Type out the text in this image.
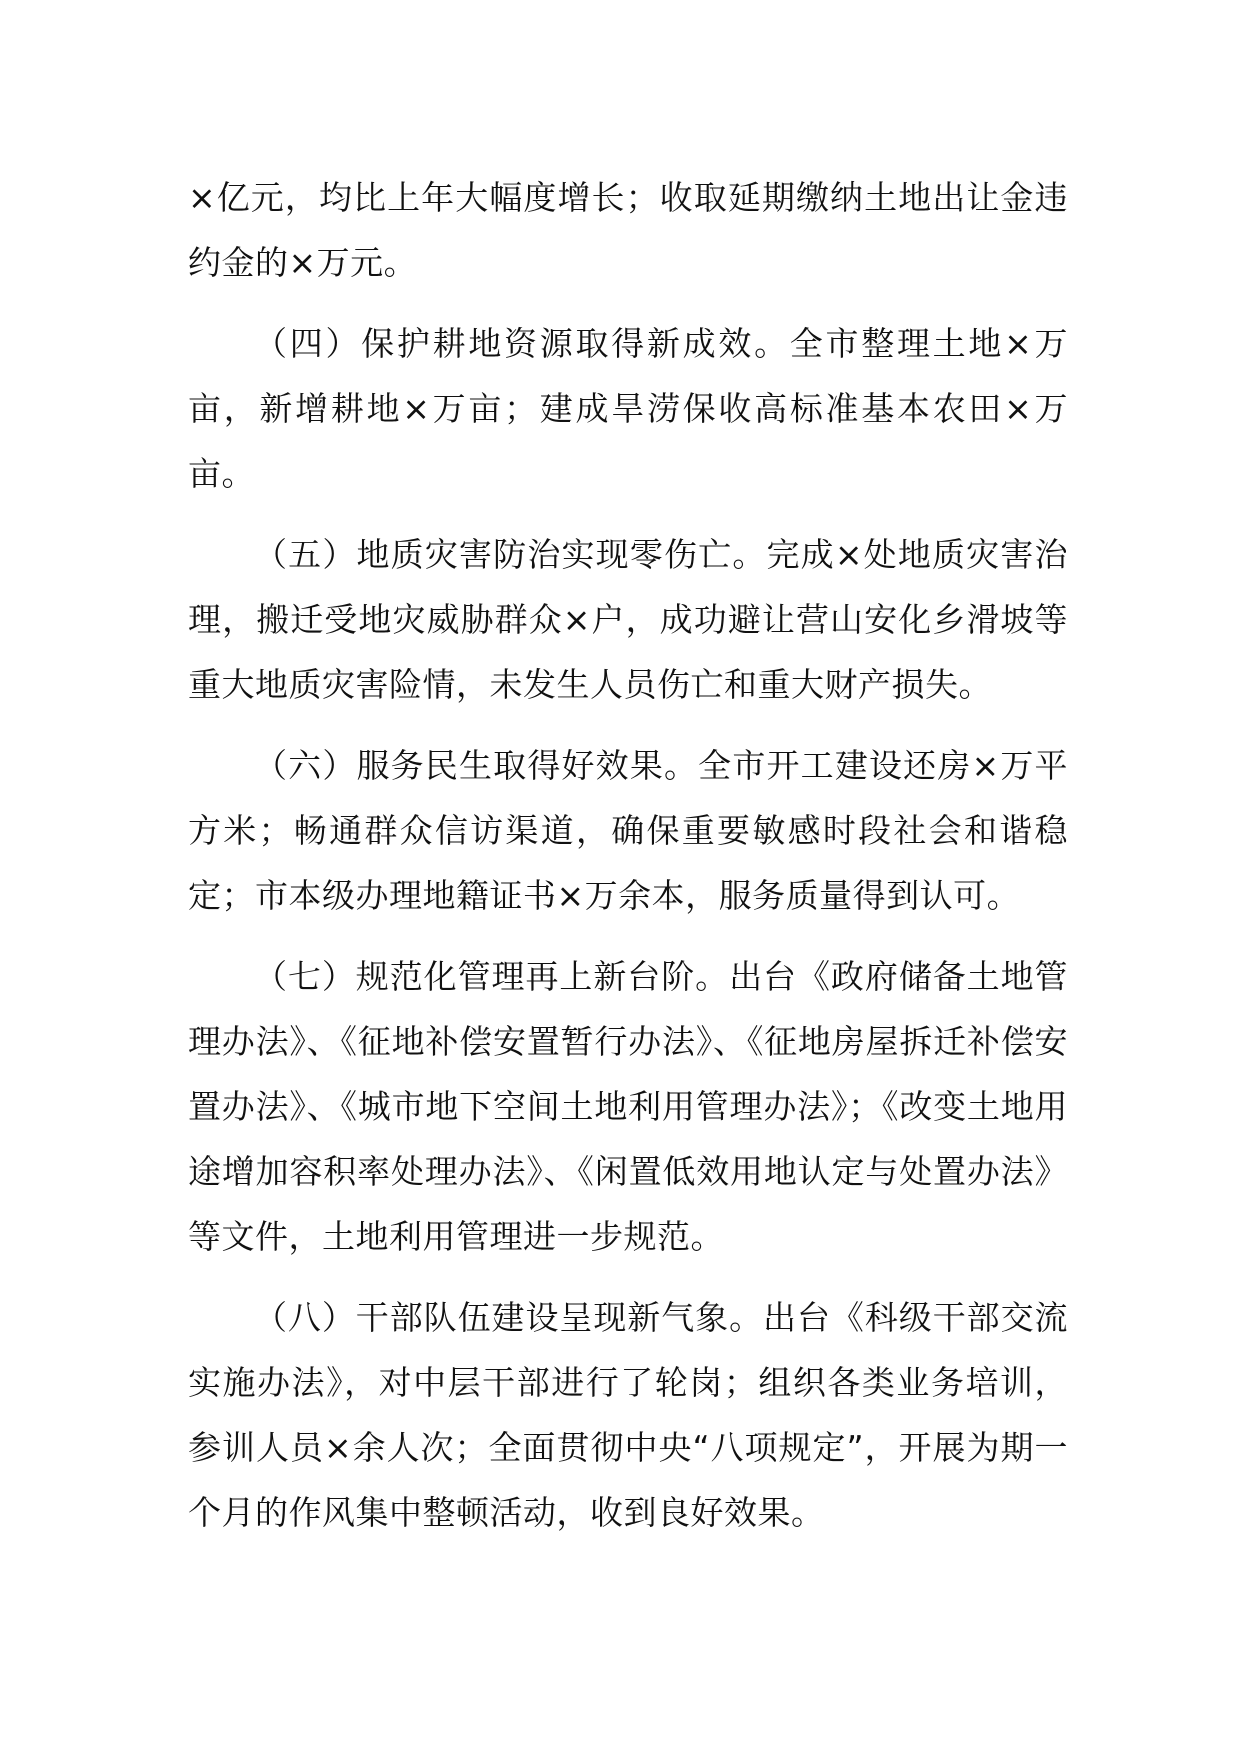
×亿元，均比上年大幅度增长；收取延期缴纳土地出让金违约金的×万元。

（四）保护耕地资源取得新成效。全市整理土地×万亩，新增耕地×万亩；建成旱涝保收高标准基本农田×万亩。

（五）地质灾害防治实现零伤亡。完成×处地质灾害治理，搬迁受地灾威胁群众×户，成功避让营山安化乡滑坡等重大地质灾害险情，未发生人员伤亡和重大财产损失。

（六）服务民生取得好效果。全市开工建设还房×万平方米；畅通群众信访渠道，确保重要敏感时段社会和谐稳定；市本级办理地籍证书×万余本，服务质量得到认可。

（七）规范化管理再上新台阶。出台《政府储备土地管理办法》、《征地补偿安置暂行办法》、《征地房屋拆迁补偿安置办法》、《城市地下空间土地利用管理办法》；《改变土地用途增加容积率处理办法》、《闲置低效用地认定与处置办法》等文件，土地利用管理进一步规范。

（八）干部队伍建设呈现新气象。出台《科级干部交流实施办法》，对中层干部进行了轮岗；组织各类业务培训，参训人员×余人次；全面贯彻中央“八项规定”，开展为期一个月的作风集中整顿活动，收到良好效果。
